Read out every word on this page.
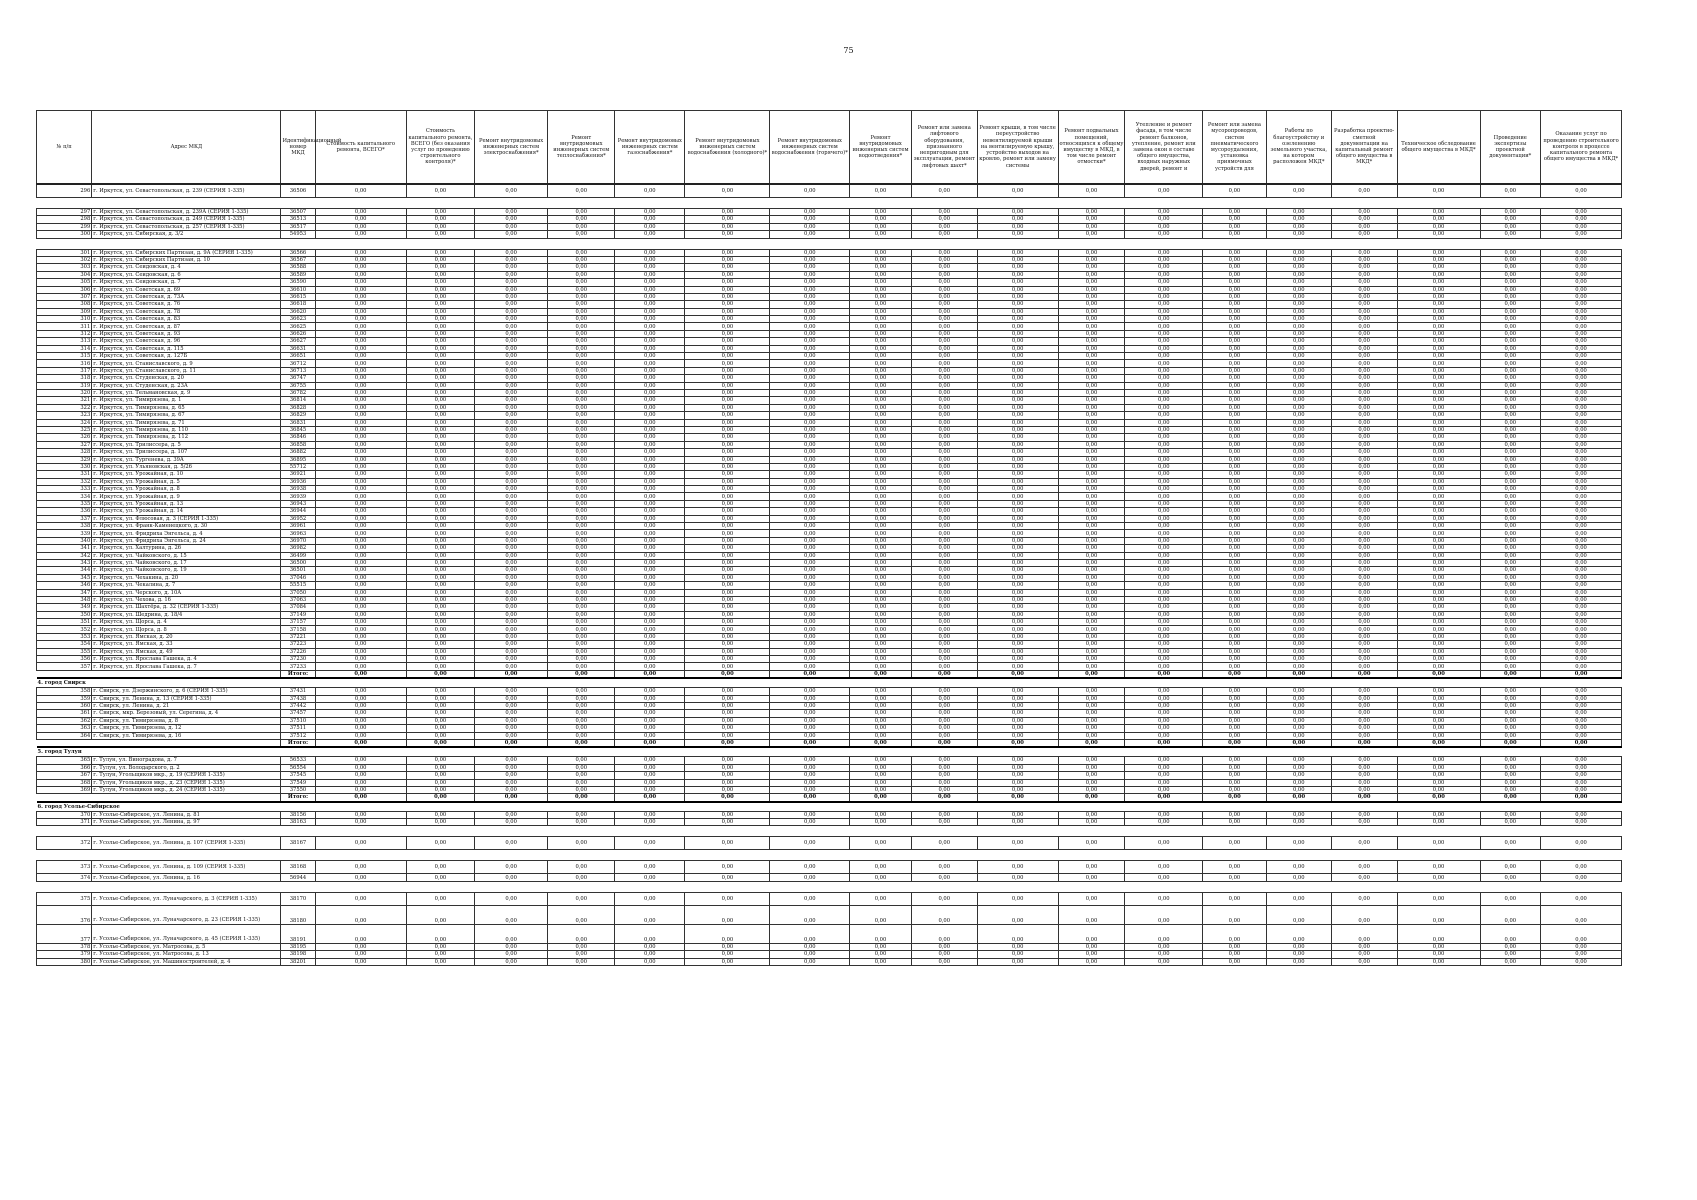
75
№ п/п	Адрес МКД	Идентификационный номер МКД	Стоимость капитального ремонта, ВСЕГО*	Стоимость капитального ремонта, ВСЕГО (без оказания услуг по проведению строительного контроля)*	Ремонт внутридомовых инженерных систем электроснабжения*	Ремонт внутридомовых инженерных систем теплоснабжения*	Ремонт внутридомовых инженерных систем газоснабжения*	Ремонт внутридомовых инженерных систем водоснабжения (холодного)*	Ремонт внутридомовых инженерных систем водоснабжения (горячего)*	Ремонт внутридомовых инженерных систем водоотведения*	Ремонт или замена лифтового оборудования, признанного непригодным для эксплуатации, ремонт лифтовых шахт*	Ремонт крыши, в том числе переустройство невентилируемой крыши на вентилируемую крышу, устройство выходов на кровлю, ремонт или замену системы	Ремонт подвальных помещений, относящихся к общему имуществу в МКД, в том числе ремонт отмостки*	Утепление и ремонт фасада, в том числе ремонт балконов, утепление, ремонт или замена окон в составе общего имущества, входных наружных дверей, ремонт и	Ремонт или замена мусоропроводов, систем пневматического мусороудаления, установка приямочных устройств для	Работы по благоустройству и озеленению земельного участка, на котором расположен МКД*	Разработка проектно-сметной документации на капитальный ремонт общего имущества в МКД*	Техническое обследование общего имущества в МКД*	Проведение экспертизы проектной документации*	Оказание услуг по проведению строительного контроля в процессе капитального ремонта общего имущества в МКД*
296	г. Иркутск, ул. Севастопольская, д. 239 (СЕРИЯ 1-335)	36506	0,00	0,00	0,00	0,00	0,00	0,00	0,00	0,00	0,00	0,00	0,00	0,00	0,00	0,00	0,00	0,00	0,00	0,00

297	г. Иркутск, ул. Севастопольская, д. 239А (СЕРИЯ 1-335)	36507	0,00	0,00	0,00	0,00	0,00	0,00	0,00	0,00	0,00	0,00	0,00	0,00	0,00	0,00	0,00	0,00	0,00	0,00
298	г. Иркутск, ул. Севастопольская, д. 249 (СЕРИЯ 1-335)	36513	0,00	0,00	0,00	0,00	0,00	0,00	0,00	0,00	0,00	0,00	0,00	0,00	0,00	0,00	0,00	0,00	0,00	0,00
299	г. Иркутск, ул. Севастопольская, д. 257 (СЕРИЯ 1-335)	36517	0,00	0,00	0,00	0,00	0,00	0,00	0,00	0,00	0,00	0,00	0,00	0,00	0,00	0,00	0,00	0,00	0,00	0,00
300	г. Иркутск, ул. Сибирская, д. 3/2	54953	0,00	0,00	0,00	0,00	0,00	0,00	0,00	0,00	0,00	0,00	0,00	0,00	0,00	0,00	0,00	0,00	0,00	0,00

301	г. Иркутск, ул. Сибирских Партизан, д. 9А (СЕРИЯ 1-335)	36566	0,00	0,00	0,00	0,00	0,00	0,00	0,00	0,00	0,00	0,00	0,00	0,00	0,00	0,00	0,00	0,00	0,00	0,00
302	г. Иркутск, ул. Сибирских Партизан, д. 10	36567	0,00	0,00	0,00	0,00	0,00	0,00	0,00	0,00	0,00	0,00	0,00	0,00	0,00	0,00	0,00	0,00	0,00	0,00
303	г. Иркутск, ул. Сеидовская, д. 4	36588	0,00	0,00	0,00	0,00	0,00	0,00	0,00	0,00	0,00	0,00	0,00	0,00	0,00	0,00	0,00	0,00	0,00	0,00
304	г. Иркутск, ул. Сеидовская, д. 6	36589	0,00	0,00	0,00	0,00	0,00	0,00	0,00	0,00	0,00	0,00	0,00	0,00	0,00	0,00	0,00	0,00	0,00	0,00
305	г. Иркутск, ул. Сеидовская, д. 7	36590	0,00	0,00	0,00	0,00	0,00	0,00	0,00	0,00	0,00	0,00	0,00	0,00	0,00	0,00	0,00	0,00	0,00	0,00
306	г. Иркутск, ул. Советская, д. 69	36610	0,00	0,00	0,00	0,00	0,00	0,00	0,00	0,00	0,00	0,00	0,00	0,00	0,00	0,00	0,00	0,00	0,00	0,00
307	г. Иркутск, ул. Советская, д. 73А	36615	0,00	0,00	0,00	0,00	0,00	0,00	0,00	0,00	0,00	0,00	0,00	0,00	0,00	0,00	0,00	0,00	0,00	0,00
308	г. Иркутск, ул. Советская, д. 76	36618	0,00	0,00	0,00	0,00	0,00	0,00	0,00	0,00	0,00	0,00	0,00	0,00	0,00	0,00	0,00	0,00	0,00	0,00
309	г. Иркутск, ул. Советская, д. 78	36620	0,00	0,00	0,00	0,00	0,00	0,00	0,00	0,00	0,00	0,00	0,00	0,00	0,00	0,00	0,00	0,00	0,00	0,00
310	г. Иркутск, ул. Советская, д. 83	36623	0,00	0,00	0,00	0,00	0,00	0,00	0,00	0,00	0,00	0,00	0,00	0,00	0,00	0,00	0,00	0,00	0,00	0,00
311	г. Иркутск, ул. Советская, д. 87	36625	0,00	0,00	0,00	0,00	0,00	0,00	0,00	0,00	0,00	0,00	0,00	0,00	0,00	0,00	0,00	0,00	0,00	0,00
312	г. Иркутск, ул. Советская, д. 93	36626	0,00	0,00	0,00	0,00	0,00	0,00	0,00	0,00	0,00	0,00	0,00	0,00	0,00	0,00	0,00	0,00	0,00	0,00
313	г. Иркутск, ул. Советская, д. 96	36627	0,00	0,00	0,00	0,00	0,00	0,00	0,00	0,00	0,00	0,00	0,00	0,00	0,00	0,00	0,00	0,00	0,00	0,00
314	г. Иркутск, ул. Советская, д. 115	36631	0,00	0,00	0,00	0,00	0,00	0,00	0,00	0,00	0,00	0,00	0,00	0,00	0,00	0,00	0,00	0,00	0,00	0,00
315	г. Иркутск, ул. Советская, д. 127Б	36651	0,00	0,00	0,00	0,00	0,00	0,00	0,00	0,00	0,00	0,00	0,00	0,00	0,00	0,00	0,00	0,00	0,00	0,00
316	г. Иркутск, ул. Станиславского, д. 9	36712	0,00	0,00	0,00	0,00	0,00	0,00	0,00	0,00	0,00	0,00	0,00	0,00	0,00	0,00	0,00	0,00	0,00	0,00
317	г. Иркутск, ул. Станиславского, д. 11	36713	0,00	0,00	0,00	0,00	0,00	0,00	0,00	0,00	0,00	0,00	0,00	0,00	0,00	0,00	0,00	0,00	0,00	0,00
318	г. Иркутск, ул. Студенская, д. 20	36747	0,00	0,00	0,00	0,00	0,00	0,00	0,00	0,00	0,00	0,00	0,00	0,00	0,00	0,00	0,00	0,00	0,00	0,00
319	г. Иркутск, ул. Студенская, д. 23А	36755	0,00	0,00	0,00	0,00	0,00	0,00	0,00	0,00	0,00	0,00	0,00	0,00	0,00	0,00	0,00	0,00	0,00	0,00
320	г. Иркутск, ул. Тельмановская, д. 9	36782	0,00	0,00	0,00	0,00	0,00	0,00	0,00	0,00	0,00	0,00	0,00	0,00	0,00	0,00	0,00	0,00	0,00	0,00
321	г. Иркутск, ул. Тимирязева, д. 1	36814	0,00	0,00	0,00	0,00	0,00	0,00	0,00	0,00	0,00	0,00	0,00	0,00	0,00	0,00	0,00	0,00	0,00	0,00
322	г. Иркутск, ул. Тимирязева, д. 65	36828	0,00	0,00	0,00	0,00	0,00	0,00	0,00	0,00	0,00	0,00	0,00	0,00	0,00	0,00	0,00	0,00	0,00	0,00
323	г. Иркутск, ул. Тимирязева, д. 67	36829	0,00	0,00	0,00	0,00	0,00	0,00	0,00	0,00	0,00	0,00	0,00	0,00	0,00	0,00	0,00	0,00	0,00	0,00
324	г. Иркутск, ул. Тимирязева, д. 71	36831	0,00	0,00	0,00	0,00	0,00	0,00	0,00	0,00	0,00	0,00	0,00	0,00	0,00	0,00	0,00	0,00	0,00	0,00
325	г. Иркутск, ул. Тимирязева, д. 110	36845	0,00	0,00	0,00	0,00	0,00	0,00	0,00	0,00	0,00	0,00	0,00	0,00	0,00	0,00	0,00	0,00	0,00	0,00
326	г. Иркутск, ул. Тимирязева, д. 112	36846	0,00	0,00	0,00	0,00	0,00	0,00	0,00	0,00	0,00	0,00	0,00	0,00	0,00	0,00	0,00	0,00	0,00	0,00
327	г. Иркутск, ул. Трилиссера, д. 5	36858	0,00	0,00	0,00	0,00	0,00	0,00	0,00	0,00	0,00	0,00	0,00	0,00	0,00	0,00	0,00	0,00	0,00	0,00
328	г. Иркутск, ул. Трилиссера, д. 107	36882	0,00	0,00	0,00	0,00	0,00	0,00	0,00	0,00	0,00	0,00	0,00	0,00	0,00	0,00	0,00	0,00	0,00	0,00
329	г. Иркутск, ул. Тургенева, д. 39А	36895	0,00	0,00	0,00	0,00	0,00	0,00	0,00	0,00	0,00	0,00	0,00	0,00	0,00	0,00	0,00	0,00	0,00	0,00
330	г. Иркутск, ул. Ульяновская, д. 5/26	55712	0,00	0,00	0,00	0,00	0,00	0,00	0,00	0,00	0,00	0,00	0,00	0,00	0,00	0,00	0,00	0,00	0,00	0,00
331	г. Иркутск, ул. Урожайная, д. 10	36921	0,00	0,00	0,00	0,00	0,00	0,00	0,00	0,00	0,00	0,00	0,00	0,00	0,00	0,00	0,00	0,00	0,00	0,00
332	г. Иркутск, ул. Урожайная, д. 5	36936	0,00	0,00	0,00	0,00	0,00	0,00	0,00	0,00	0,00	0,00	0,00	0,00	0,00	0,00	0,00	0,00	0,00	0,00
333	г. Иркутск, ул. Урожайная, д. 8	36938	0,00	0,00	0,00	0,00	0,00	0,00	0,00	0,00	0,00	0,00	0,00	0,00	0,00	0,00	0,00	0,00	0,00	0,00
334	г. Иркутск, ул. Урожайная, д. 9	36939	0,00	0,00	0,00	0,00	0,00	0,00	0,00	0,00	0,00	0,00	0,00	0,00	0,00	0,00	0,00	0,00	0,00	0,00
335	г. Иркутск, ул. Урожайная, д. 13	36943	0,00	0,00	0,00	0,00	0,00	0,00	0,00	0,00	0,00	0,00	0,00	0,00	0,00	0,00	0,00	0,00	0,00	0,00
336	г. Иркутск, ул. Урожайная, д. 14	36944	0,00	0,00	0,00	0,00	0,00	0,00	0,00	0,00	0,00	0,00	0,00	0,00	0,00	0,00	0,00	0,00	0,00	0,00
337	г. Иркутск, ул. Флюсовая, д. 3 (СЕРИЯ 1-335)	36952	0,00	0,00	0,00	0,00	0,00	0,00	0,00	0,00	0,00	0,00	0,00	0,00	0,00	0,00	0,00	0,00	0,00	0,00
338	г. Иркутск, ул. Франк-Каменецкого, д. 30	36961	0,00	0,00	0,00	0,00	0,00	0,00	0,00	0,00	0,00	0,00	0,00	0,00	0,00	0,00	0,00	0,00	0,00	0,00
339	г. Иркутск, ул. Фридриха Энгельса, д. 4	36963	0,00	0,00	0,00	0,00	0,00	0,00	0,00	0,00	0,00	0,00	0,00	0,00	0,00	0,00	0,00	0,00	0,00	0,00
340	г. Иркутск, ул. Фридриха Энгельса, д. 24	36970	0,00	0,00	0,00	0,00	0,00	0,00	0,00	0,00	0,00	0,00	0,00	0,00	0,00	0,00	0,00	0,00	0,00	0,00
341	г. Иркутск, ул. Халтурина, д. 26	36982	0,00	0,00	0,00	0,00	0,00	0,00	0,00	0,00	0,00	0,00	0,00	0,00	0,00	0,00	0,00	0,00	0,00	0,00
342	г. Иркутск, ул. Чайковского, д. 15	36499	0,00	0,00	0,00	0,00	0,00	0,00	0,00	0,00	0,00	0,00	0,00	0,00	0,00	0,00	0,00	0,00	0,00	0,00
343	г. Иркутск, ул. Чайковского, д. 17	36500	0,00	0,00	0,00	0,00	0,00	0,00	0,00	0,00	0,00	0,00	0,00	0,00	0,00	0,00	0,00	0,00	0,00	0,00
344	г. Иркутск, ул. Чайковского, д. 19	36501	0,00	0,00	0,00	0,00	0,00	0,00	0,00	0,00	0,00	0,00	0,00	0,00	0,00	0,00	0,00	0,00	0,00	0,00
345	г. Иркутск, ул. Чехакина, д. 20	37046	0,00	0,00	0,00	0,00	0,00	0,00	0,00	0,00	0,00	0,00	0,00	0,00	0,00	0,00	0,00	0,00	0,00	0,00
346	г. Иркутск, ул. Чекалина, д. 7	55515	0,00	0,00	0,00	0,00	0,00	0,00	0,00	0,00	0,00	0,00	0,00	0,00	0,00	0,00	0,00	0,00	0,00	0,00
347	г. Иркутск, ул. Черского, д. 10А	37050	0,00	0,00	0,00	0,00	0,00	0,00	0,00	0,00	0,00	0,00	0,00	0,00	0,00	0,00	0,00	0,00	0,00	0,00
348	г. Иркутск, ул. Чехова, д. 16	37063	0,00	0,00	0,00	0,00	0,00	0,00	0,00	0,00	0,00	0,00	0,00	0,00	0,00	0,00	0,00	0,00	0,00	0,00
349	г. Иркутск, ул. Шахтёра, д. 32 (СЕРИЯ 1-335)	37084	0,00	0,00	0,00	0,00	0,00	0,00	0,00	0,00	0,00	0,00	0,00	0,00	0,00	0,00	0,00	0,00	0,00	0,00
350	г. Иркутск, ул. Шедрина, д. 18/4	37149	0,00	0,00	0,00	0,00	0,00	0,00	0,00	0,00	0,00	0,00	0,00	0,00	0,00	0,00	0,00	0,00	0,00	0,00
351	г. Иркутск, ул. Щорса, д. 4	37157	0,00	0,00	0,00	0,00	0,00	0,00	0,00	0,00	0,00	0,00	0,00	0,00	0,00	0,00	0,00	0,00	0,00	0,00
352	г. Иркутск, ул. Щорса, д. 8	37158	0,00	0,00	0,00	0,00	0,00	0,00	0,00	0,00	0,00	0,00	0,00	0,00	0,00	0,00	0,00	0,00	0,00	0,00
353	г. Иркутск, ул. Ямская, д. 20	37221	0,00	0,00	0,00	0,00	0,00	0,00	0,00	0,00	0,00	0,00	0,00	0,00	0,00	0,00	0,00	0,00	0,00	0,00
354	г. Иркутск, ул. Ямская, д. 33	37223	0,00	0,00	0,00	0,00	0,00	0,00	0,00	0,00	0,00	0,00	0,00	0,00	0,00	0,00	0,00	0,00	0,00	0,00
355	г. Иркутск, ул. Ямская, д. 49	37226	0,00	0,00	0,00	0,00	0,00	0,00	0,00	0,00	0,00	0,00	0,00	0,00	0,00	0,00	0,00	0,00	0,00	0,00
356	г. Иркутск, ул. Ярослава Гашека, д. 4	37230	0,00	0,00	0,00	0,00	0,00	0,00	0,00	0,00	0,00	0,00	0,00	0,00	0,00	0,00	0,00	0,00	0,00	0,00
357	г. Иркутск, ул. Ярослава Гашека, д. 7	37233	0,00	0,00	0,00	0,00	0,00	0,00	0,00	0,00	0,00	0,00	0,00	0,00	0,00	0,00	0,00	0,00	0,00	0,00
		Итого:	0,00	0,00	0,00	0,00	0,00	0,00	0,00	0,00	0,00	0,00	0,00	0,00	0,00	0,00	0,00	0,00	0,00	0,00
4. город Свирск																				
358	г. Свирск, ул. Дзержинского, д. 6 (СЕРИЯ 1-335)	37431	0,00	0,00	0,00	0,00	0,00	0,00	0,00	0,00	0,00	0,00	0,00	0,00	0,00	0,00	0,00	0,00	0,00	0,00
359	г. Свирск, ул. Ленина, д. 13 (СЕРИЯ 1-335)	37438	0,00	0,00	0,00	0,00	0,00	0,00	0,00	0,00	0,00	0,00	0,00	0,00	0,00	0,00	0,00	0,00	0,00	0,00
360	г. Свирск, ул. Ленина, д. 21	37442	0,00	0,00	0,00	0,00	0,00	0,00	0,00	0,00	0,00	0,00	0,00	0,00	0,00	0,00	0,00	0,00	0,00	0,00
361	г. Свирск, мкр. Березовый, ул. Серегина, д. 4	37457	0,00	0,00	0,00	0,00	0,00	0,00	0,00	0,00	0,00	0,00	0,00	0,00	0,00	0,00	0,00	0,00	0,00	0,00
362	г. Свирск, ул. Тимирязева, д. 8	37510	0,00	0,00	0,00	0,00	0,00	0,00	0,00	0,00	0,00	0,00	0,00	0,00	0,00	0,00	0,00	0,00	0,00	0,00
363	г. Свирск, ул. Тимирязева, д. 12	37511	0,00	0,00	0,00	0,00	0,00	0,00	0,00	0,00	0,00	0,00	0,00	0,00	0,00	0,00	0,00	0,00	0,00	0,00
364	г. Свирск, ул. Тимирязева, д. 16	37512	0,00	0,00	0,00	0,00	0,00	0,00	0,00	0,00	0,00	0,00	0,00	0,00	0,00	0,00	0,00	0,00	0,00	0,00
		Итого:	0,00	0,00	0,00	0,00	0,00	0,00	0,00	0,00	0,00	0,00	0,00	0,00	0,00	0,00	0,00	0,00	0,00	0,00
5. город Тулун																				
365	г. Тулун, ул. Виноградова, д. 7	56533	0,00	0,00	0,00	0,00	0,00	0,00	0,00	0,00	0,00	0,00	0,00	0,00	0,00	0,00	0,00	0,00	0,00	0,00
366	г. Тулун, ул. Володарского, д. 2	56554	0,00	0,00	0,00	0,00	0,00	0,00	0,00	0,00	0,00	0,00	0,00	0,00	0,00	0,00	0,00	0,00	0,00	0,00
367	г. Тулун, Угольщиков мкр., д. 19 (СЕРИЯ 1-335)	37545	0,00	0,00	0,00	0,00	0,00	0,00	0,00	0,00	0,00	0,00	0,00	0,00	0,00	0,00	0,00	0,00	0,00	0,00
368	г. Тулун, Угольщиков мкр., д. 23 (СЕРИЯ 1-335)	37549	0,00	0,00	0,00	0,00	0,00	0,00	0,00	0,00	0,00	0,00	0,00	0,00	0,00	0,00	0,00	0,00	0,00	0,00
369	г. Тулун, Угольщиков мкр., д. 24 (СЕРИЯ 1-335)	37550	0,00	0,00	0,00	0,00	0,00	0,00	0,00	0,00	0,00	0,00	0,00	0,00	0,00	0,00	0,00	0,00	0,00	0,00
		Итого:	0,00	0,00	0,00	0,00	0,00	0,00	0,00	0,00	0,00	0,00	0,00	0,00	0,00	0,00	0,00	0,00	0,00	0,00
6. город Усолье-Сибирское																				
370	г. Усолье-Сибирское, ул. Ленина, д. 81	38156	0,00	0,00	0,00	0,00	0,00	0,00	0,00	0,00	0,00	0,00	0,00	0,00	0,00	0,00	0,00	0,00	0,00	0,00
371	г. Усолье-Сибирское, ул. Ленина, д. 97	38163	0,00	0,00	0,00	0,00	0,00	0,00	0,00	0,00	0,00	0,00	0,00	0,00	0,00	0,00	0,00	0,00	0,00	0,00

372	г. Усолье-Сибирское, ул. Ленина, д. 107 (СЕРИЯ 1-335)	38167	0,00	0,00	0,00	0,00	0,00	0,00	0,00	0,00	0,00	0,00	0,00	0,00	0,00	0,00	0,00	0,00	0,00	0,00

373	г. Усолье-Сибирское, ул. Ленина, д. 109 (СЕРИЯ 1-335)	38168	0,00	0,00	0,00	0,00	0,00	0,00	0,00	0,00	0,00	0,00	0,00	0,00	0,00	0,00	0,00	0,00	0,00	0,00
374	г. Усолье-Сибирское, ул. Ленина, д. 16	56944	0,00	0,00	0,00	0,00	0,00	0,00	0,00	0,00	0,00	0,00	0,00	0,00	0,00	0,00	0,00	0,00	0,00	0,00

375	г. Усолье-Сибирское, ул. Луначарского, д. 3 (СЕРИЯ 1-335)	38170	0,00	0,00	0,00	0,00	0,00	0,00	0,00	0,00	0,00	0,00	0,00	0,00	0,00	0,00	0,00	0,00	0,00	0,00
376	г. Усолье-Сибирское, ул. Луначарского, д. 23 (СЕРИЯ 1-335)	38180	0,00	0,00	0,00	0,00	0,00	0,00	0,00	0,00	0,00	0,00	0,00	0,00	0,00	0,00	0,00	0,00	0,00	0,00
377	г. Усолье-Сибирское, ул. Луначарского, д. 45 (СЕРИЯ 1-335)	38191	0,00	0,00	0,00	0,00	0,00	0,00	0,00	0,00	0,00	0,00	0,00	0,00	0,00	0,00	0,00	0,00	0,00	0,00
378	г. Усолье-Сибирское, ул. Матросова, д. 5	38195	0,00	0,00	0,00	0,00	0,00	0,00	0,00	0,00	0,00	0,00	0,00	0,00	0,00	0,00	0,00	0,00	0,00	0,00
379	г. Усолье-Сибирское, ул. Матросова, д. 13	38198	0,00	0,00	0,00	0,00	0,00	0,00	0,00	0,00	0,00	0,00	0,00	0,00	0,00	0,00	0,00	0,00	0,00	0,00
380	г. Усолье-Сибирское, ул. Машиностроителей, д. 4	38201	0,00	0,00	0,00	0,00	0,00	0,00	0,00	0,00	0,00	0,00	0,00	0,00	0,00	0,00	0,00	0,00	0,00	0,00
